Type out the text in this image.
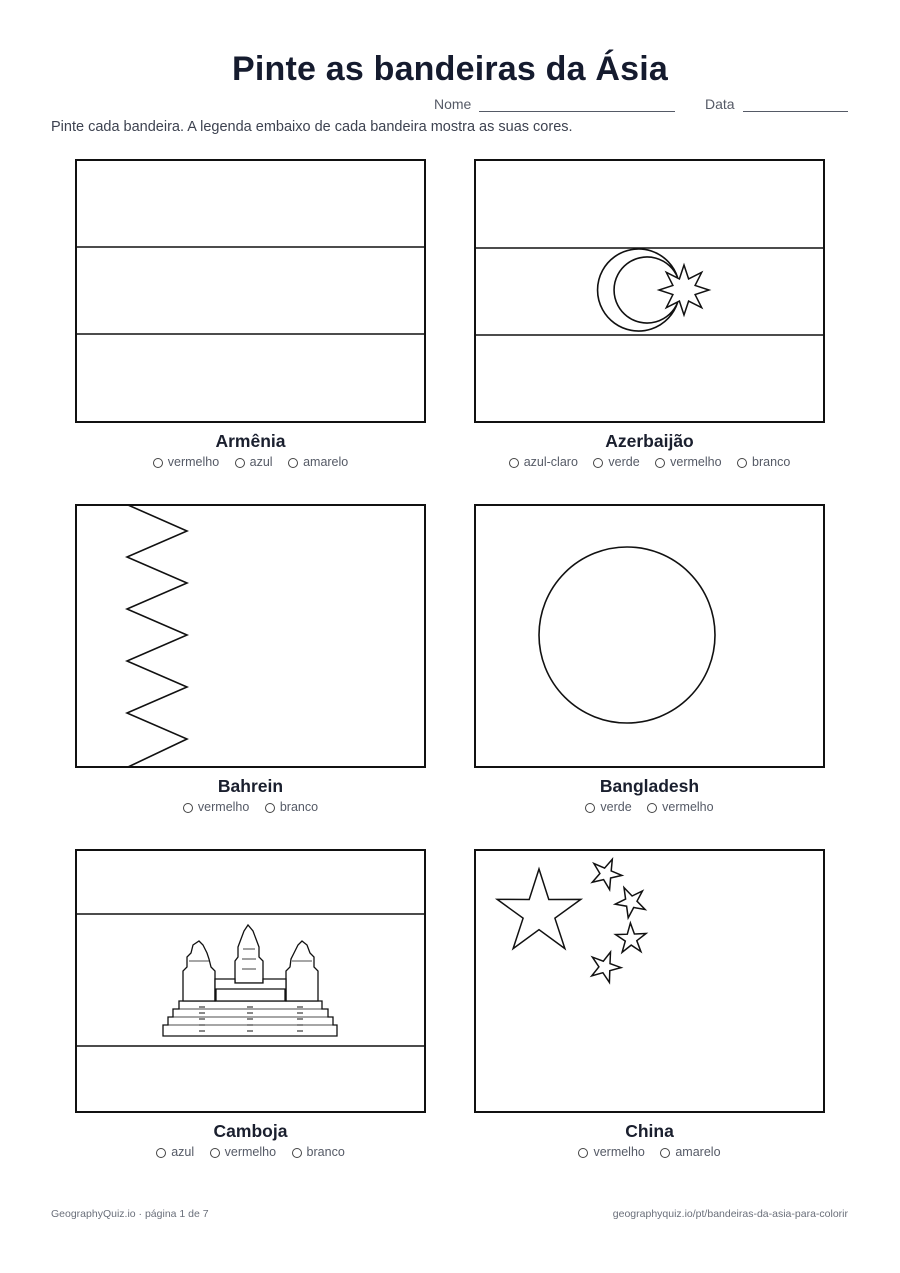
Pinte as bandeiras da Ásia
Nome	Data
Pinte cada bandeira. A legenda embaixo de cada bandeira mostra as suas cores.
Armênia
vermelho azul amarelo
Azerbaijão
azul-claro verde vermelho branco
Bahrein
vermelho branco
Bangladesh
verde vermelho
Camboja
azul vermelho branco
China
vermelho amarelo
GeographyQuiz.io · página 1 de 7	geographyquiz.io/pt/bandeiras-da-asia-para-colorir
